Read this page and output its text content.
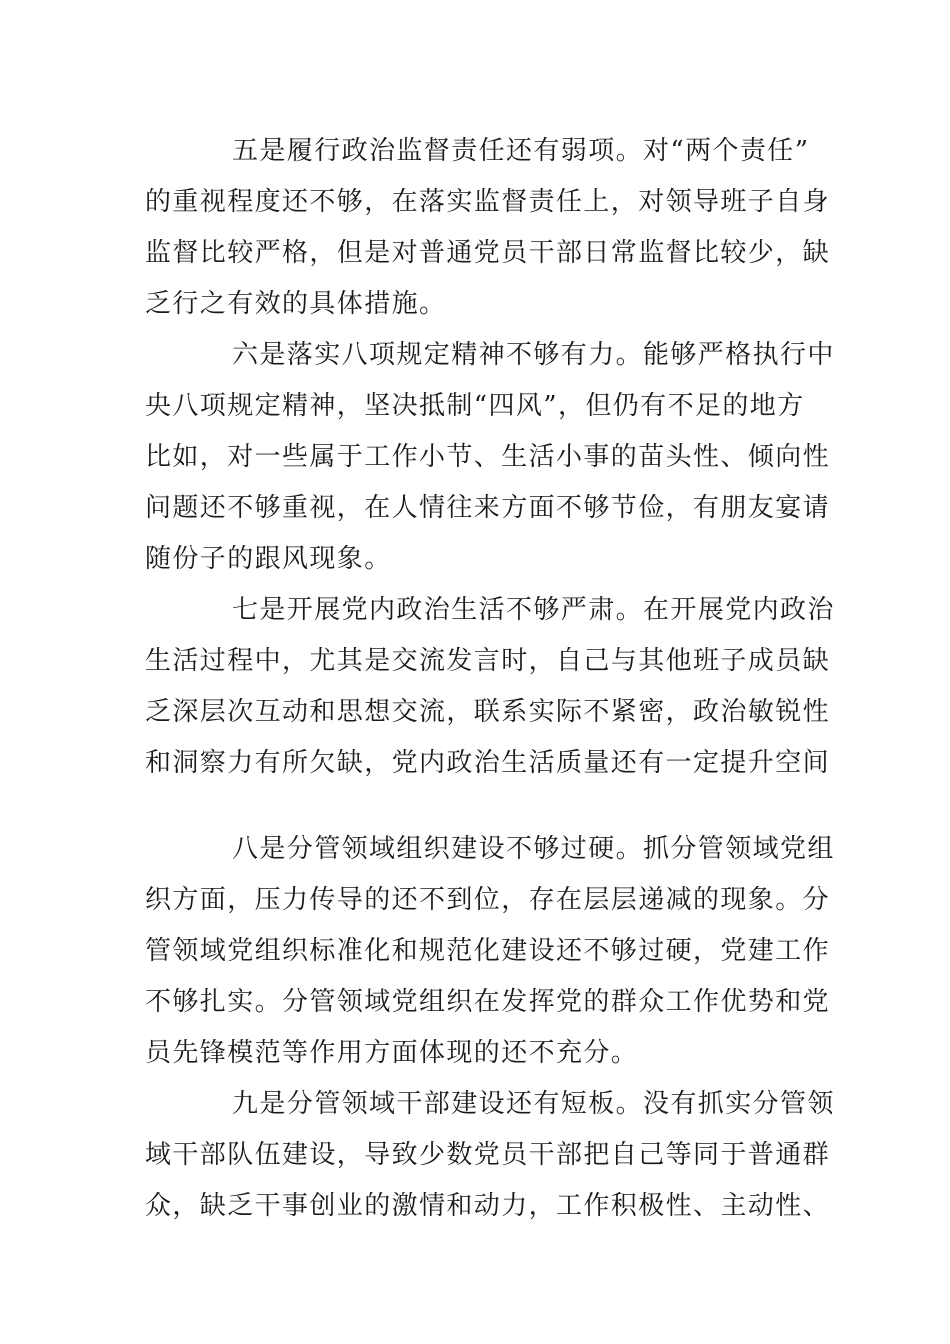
五是履行政治监督责任还有弱项。对“两个责任”
的重视程度还不够，在落实监督责任上，对领导班子自身
监督比较严格，但是对普通党员干部日常监督比较少，缺
乏行之有效的具体措施。

六是落实八项规定精神不够有力。能够严格执行中
央八项规定精神，坚决抵制“四风”，但仍有不足的地方
比如，对一些属于工作小节、生活小事的苗头性、倾向性
问题还不够重视，在人情往来方面不够节俭，有朋友宴请
随份子的跟风现象。

七是开展党内政治生活不够严肃。在开展党内政治
生活过程中，尤其是交流发言时，自己与其他班子成员缺
乏深层次互动和思想交流，联系实际不紧密，政治敏锐性
和洞察力有所欠缺，党内政治生活质量还有一定提升空间

八是分管领域组织建设不够过硬。抓分管领域党组
织方面，压力传导的还不到位，存在层层递减的现象。分
管领域党组织标准化和规范化建设还不够过硬，党建工作
不够扎实。分管领域党组织在发挥党的群众工作优势和党
员先锋模范等作用方面体现的还不充分。

九是分管领域干部建设还有短板。没有抓实分管领
域干部队伍建设，导致少数党员干部把自己等同于普通群
众，缺乏干事创业的激情和动力，工作积极性、主动性、
